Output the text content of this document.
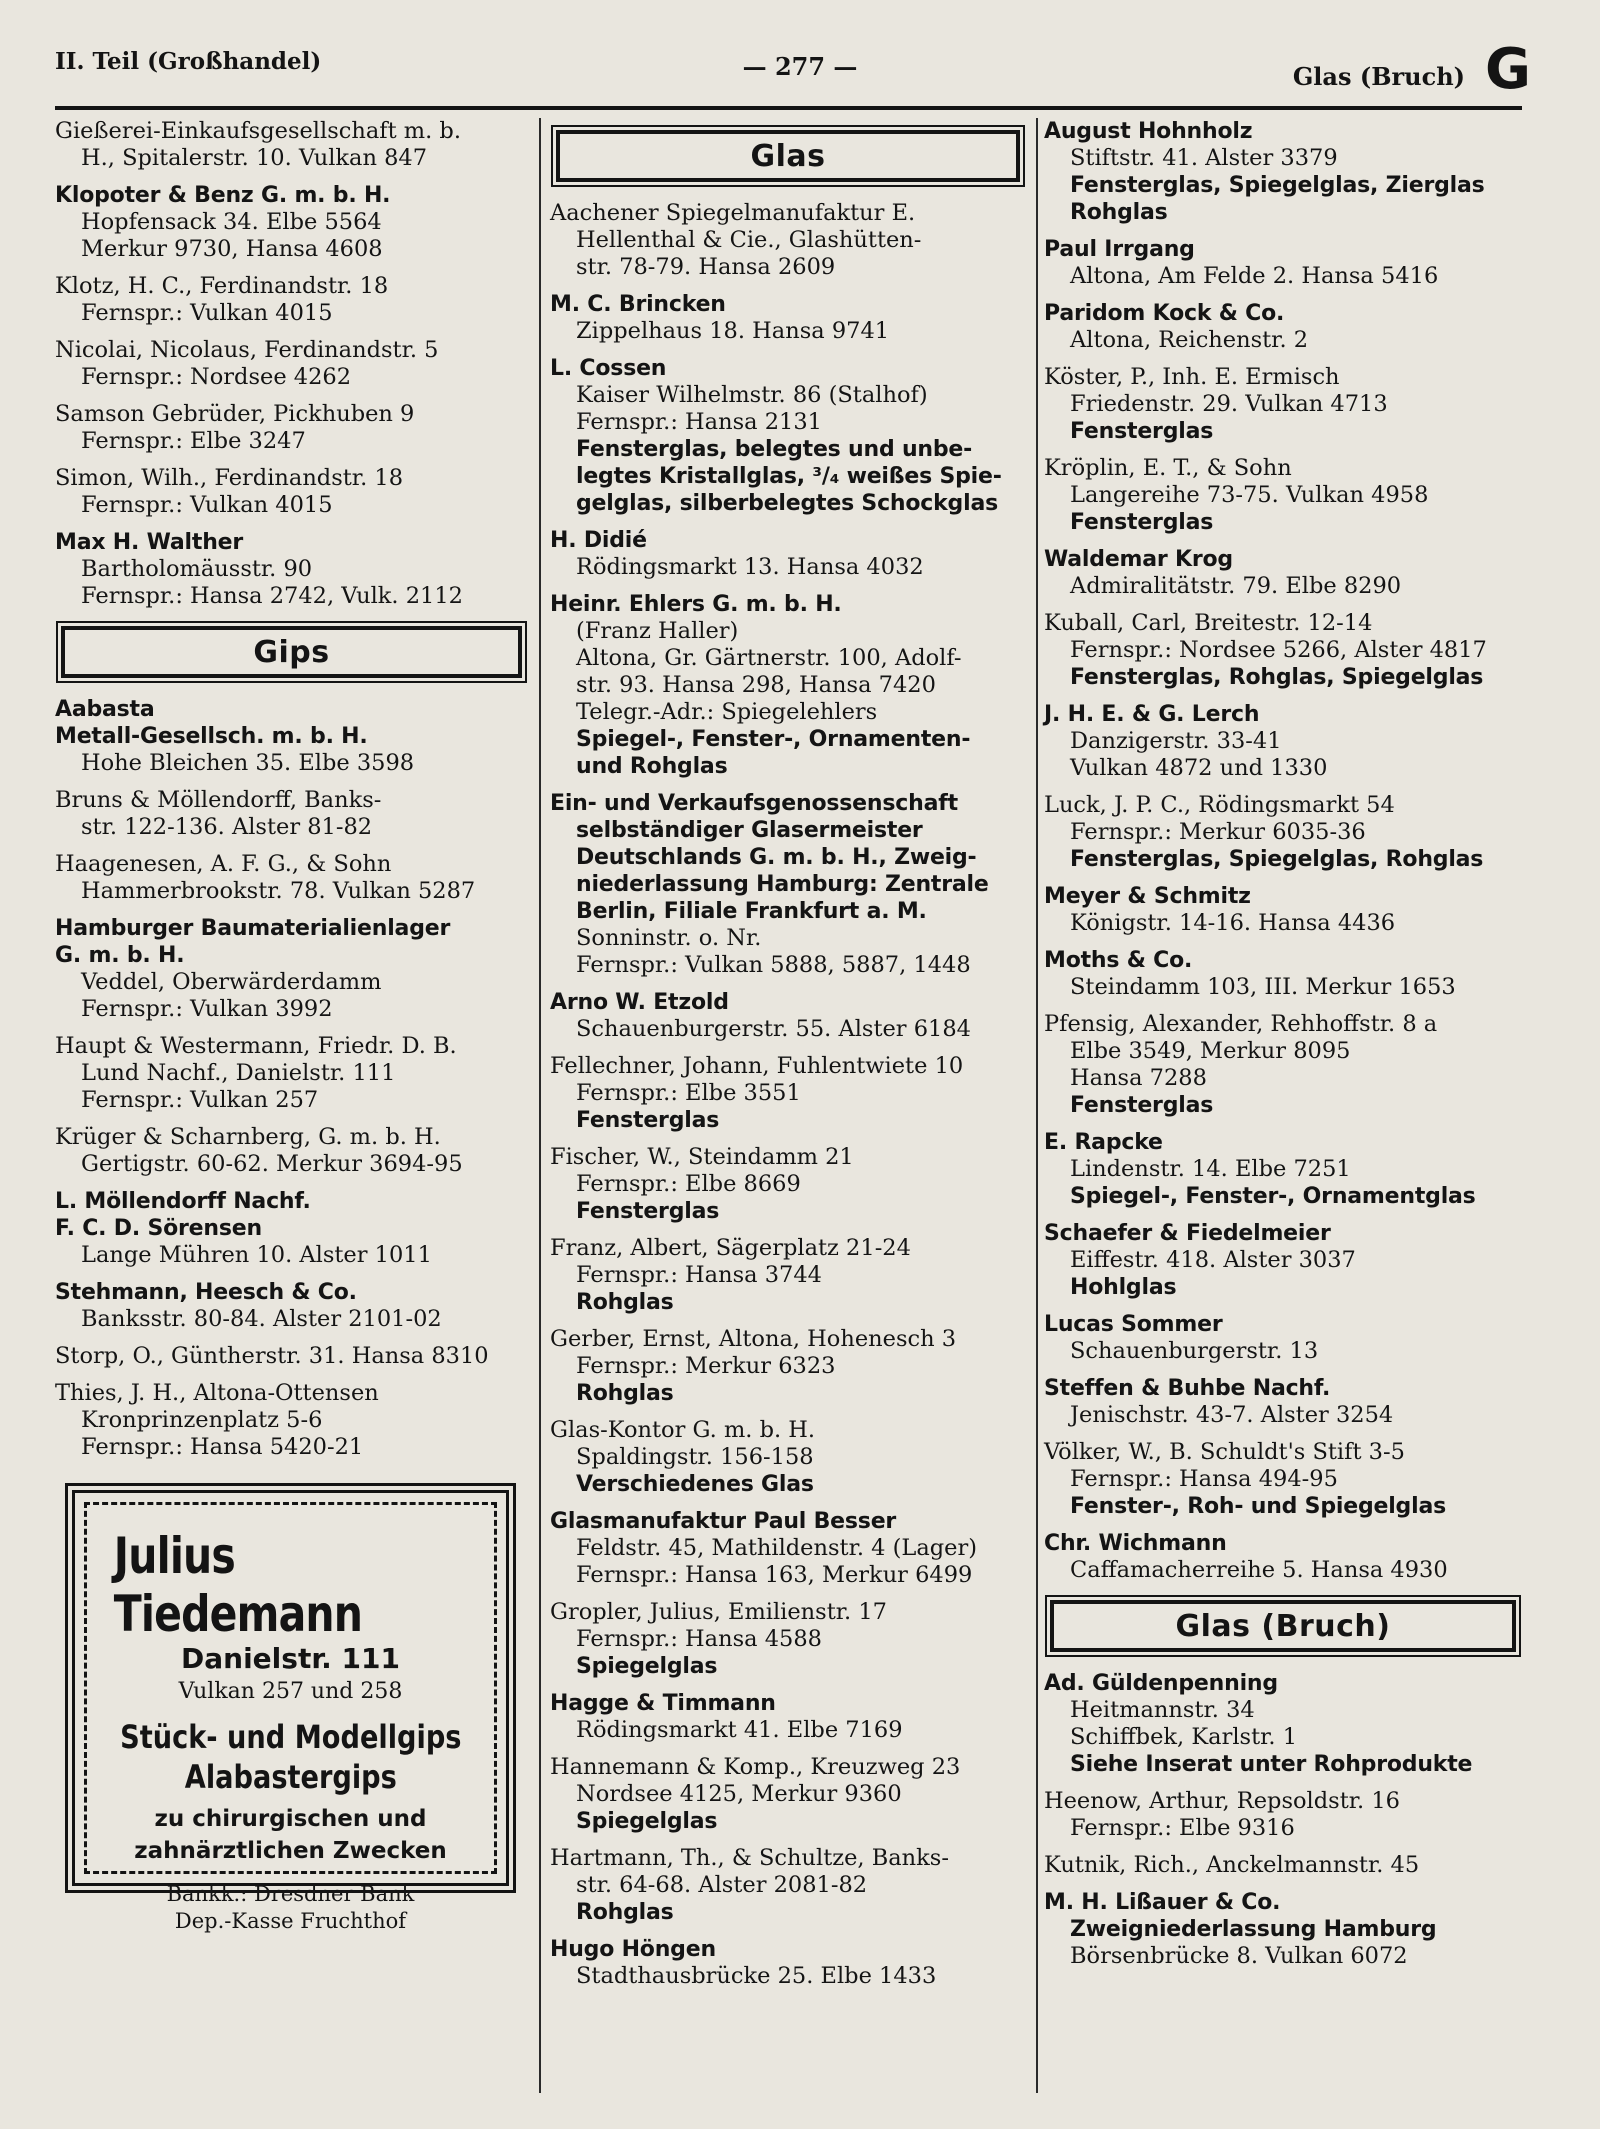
II. Teil (Großhandel)	— 277 —	Glas (Bruch) G
Gießerei-Einkaufsgesellschaft m. b.
H., Spitalerstr. 10. Vulkan 847
Klopoter & Benz G. m. b. H.
Hopfensack 34. Elbe 5564
Merkur 9730, Hansa 4608
Klotz, H. C., Ferdinandstr. 18
Fernspr.: Vulkan 4015
Nicolai, Nicolaus, Ferdinandstr. 5
Fernspr.: Nordsee 4262
Samson Gebrüder, Pickhuben 9
Fernspr.: Elbe 3247
Simon, Wilh., Ferdinandstr. 18
Fernspr.: Vulkan 4015
Max H. Walther
Bartholomäusstr. 90
Fernspr.: Hansa 2742, Vulk. 2112
Gips
Aabasta
Metall-Gesellsch. m. b. H.
Hohe Bleichen 35. Elbe 3598
Bruns & Möllendorff, Banks-
str. 122-136. Alster 81-82
Haagenesen, A. F. G., & Sohn
Hammerbrookstr. 78. Vulkan 5287
Hamburger Baumaterialienlager
G. m. b. H.
Veddel, Oberwärderdamm
Fernspr.: Vulkan 3992
Haupt & Westermann, Friedr. D. B.
Lund Nachf., Danielstr. 111
Fernspr.: Vulkan 257
Krüger & Scharnberg, G. m. b. H.
Gertigstr. 60-62. Merkur 3694-95
L. Möllendorff Nachf.
F. C. D. Sörensen
Lange Mühren 10. Alster 1011
Stehmann, Heesch & Co.
Banksstr. 80-84. Alster 2101-02
Storp, O., Güntherstr. 31. Hansa 8310
Thies, J. H., Altona-Ottensen
Kronprinzenplatz 5-6
Fernspr.: Hansa 5420-21
Julius Tiedemann
Danielstr. 111
Vulkan 257 und 258
Stück- und Modellgips
Alabastergips
zu chirurgischen und
zahnärztlichen Zwecken
Bankk.: Dresdner Bank
Dep.-Kasse Fruchthof
Glas
Aachener Spiegelmanufaktur E.
Hellenthal & Cie., Glashütten-
str. 78-79. Hansa 2609
M. C. Brincken
Zippelhaus 18. Hansa 9741
L. Cossen
Kaiser Wilhelmstr. 86 (Stalhof)
Fernspr.: Hansa 2131
Fensterglas, belegtes und unbe-
legtes Kristallglas, ³/₄ weißes Spie-
gelglas, silberbelegtes Schockglas
H. Didié
Rödingsmarkt 13. Hansa 4032
Heinr. Ehlers G. m. b. H.
(Franz Haller)
Altona, Gr. Gärtnerstr. 100, Adolf-
str. 93. Hansa 298, Hansa 7420
Telegr.-Adr.: Spiegelehlers
Spiegel-, Fenster-, Ornamenten-
und Rohglas
Ein- und Verkaufsgenossenschaft
selbständiger Glasermeister
Deutschlands G. m. b. H., Zweig-
niederlassung Hamburg: Zentrale
Berlin, Filiale Frankfurt a. M.
Sonninstr. o. Nr.
Fernspr.: Vulkan 5888, 5887, 1448
Arno W. Etzold
Schauenburgerstr. 55. Alster 6184
Fellechner, Johann, Fuhlentwiete 10
Fernspr.: Elbe 3551
Fensterglas
Fischer, W., Steindamm 21
Fernspr.: Elbe 8669
Fensterglas
Franz, Albert, Sägerplatz 21-24
Fernspr.: Hansa 3744
Rohglas
Gerber, Ernst, Altona, Hohenesch 3
Fernspr.: Merkur 6323
Rohglas
Glas-Kontor G. m. b. H.
Spaldingstr. 156-158
Verschiedenes Glas
Glasmanufaktur Paul Besser
Feldstr. 45, Mathildenstr. 4 (Lager)
Fernspr.: Hansa 163, Merkur 6499
Gropler, Julius, Emilienstr. 17
Fernspr.: Hansa 4588
Spiegelglas
Hagge & Timmann
Rödingsmarkt 41. Elbe 7169
Hannemann & Komp., Kreuzweg 23
Nordsee 4125, Merkur 9360
Spiegelglas
Hartmann, Th., & Schultze, Banks-
str. 64-68. Alster 2081-82
Rohglas
Hugo Höngen
Stadthausbrücke 25. Elbe 1433
August Hohnholz
Stiftstr. 41. Alster 3379
Fensterglas, Spiegelglas, Zierglas
Rohglas
Paul Irrgang
Altona, Am Felde 2. Hansa 5416
Paridom Kock & Co.
Altona, Reichenstr. 2
Köster, P., Inh. E. Ermisch
Friedenstr. 29. Vulkan 4713
Fensterglas
Kröplin, E. T., & Sohn
Langereihe 73-75. Vulkan 4958
Fensterglas
Waldemar Krog
Admiralitätstr. 79. Elbe 8290
Kuball, Carl, Breitestr. 12-14
Fernspr.: Nordsee 5266, Alster 4817
Fensterglas, Rohglas, Spiegelglas
J. H. E. & G. Lerch
Danzigerstr. 33-41
Vulkan 4872 und 1330
Luck, J. P. C., Rödingsmarkt 54
Fernspr.: Merkur 6035-36
Fensterglas, Spiegelglas, Rohglas
Meyer & Schmitz
Königstr. 14-16. Hansa 4436
Moths & Co.
Steindamm 103, III. Merkur 1653
Pfensig, Alexander, Rehhoffstr. 8 a
Elbe 3549, Merkur 8095
Hansa 7288
Fensterglas
E. Rapcke
Lindenstr. 14. Elbe 7251
Spiegel-, Fenster-, Ornamentglas
Schaefer & Fiedelmeier
Eiffestr. 418. Alster 3037
Hohlglas
Lucas Sommer
Schauenburgerstr. 13
Steffen & Buhbe Nachf.
Jenischstr. 43-7. Alster 3254
Völker, W., B. Schuldt's Stift 3-5
Fernspr.: Hansa 494-95
Fenster-, Roh- und Spiegelglas
Chr. Wichmann
Caffamacherreihe 5. Hansa 4930
Glas (Bruch)
Ad. Güldenpenning
Heitmannstr. 34
Schiffbek, Karlstr. 1
Siehe Inserat unter Rohprodukte
Heenow, Arthur, Repsoldstr. 16
Fernspr.: Elbe 9316
Kutnik, Rich., Anckelmannstr. 45
M. H. Lißauer & Co.
Zweigniederlassung Hamburg
Börsenbrücke 8. Vulkan 6072
